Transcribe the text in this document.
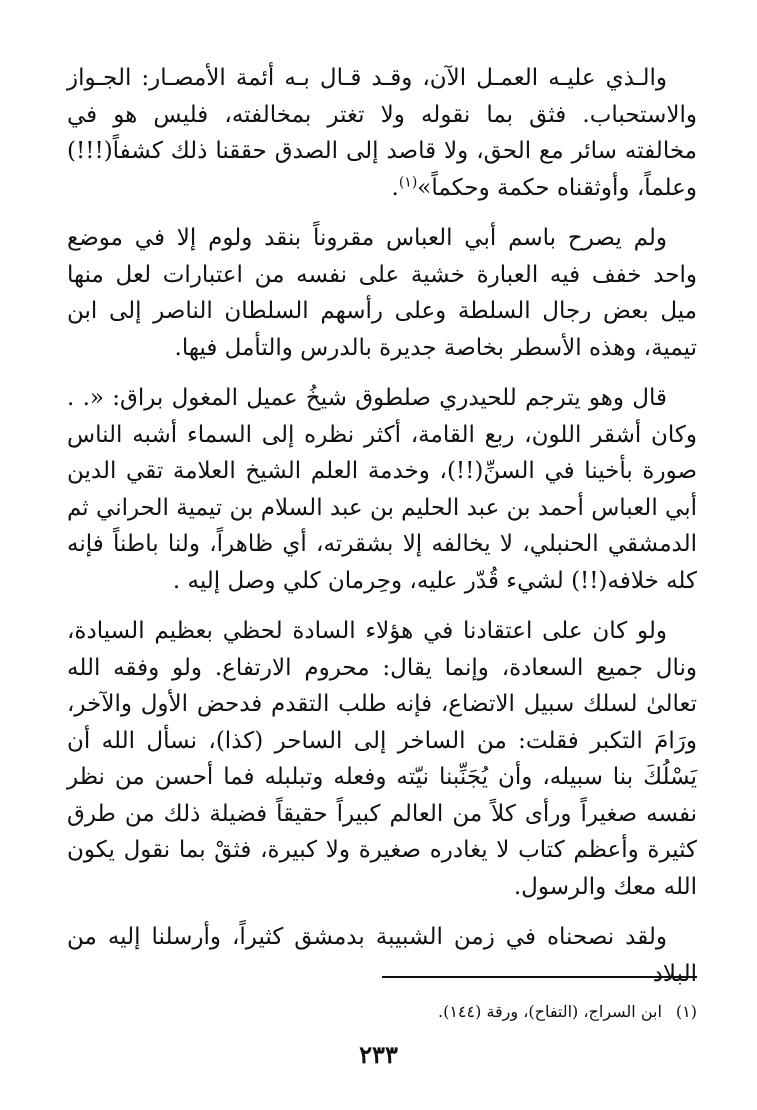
والـذي عليـه العمـل الآن، وقـد قـال بـه أئمة الأمصـار: الجـواز والاستحباب. فثق بما نقوله ولا تغتر بمخالفته، فليس هو في مخالفته سائر مع الحق، ولا قاصد إلى الصدق حققنا ذلك كشفاً(!!!) وعلماً، وأوثقناه حكمة وحكماً»$^{(١)}$.

ولم يصرح باسم أبي العباس مقروناً بنقد ولوم إلا في موضع واحد خفف فيه العبارة خشية على نفسه من اعتبارات لعل منها ميل بعض رجال السلطة وعلى رأسهم السلطان الناصر إلى ابن تيمية، وهذه الأسطر بخاصة جديرة بالدرس والتأمل فيها.

قال وهو يترجم للحيدري صلطوق شيخُ عميل المغول براق: «. . وكان أشقر اللون، ربع القامة، أكثر نظره إلى السماء أشبه الناس صورة بأخينا في السنِّ(!!)، وخدمة العلم الشيخ العلامة تقي الدين أبي العباس أحمد بن عبد الحليم بن عبد السلام بن تيمية الحراني ثم الدمشقي الحنبلي، لا يخالفه إلا بشقرته، أي ظاهراً، ولنا باطناً فإنه كله خلافه(!!) لشيء قُدّر عليه، وحِرمان كلي وصل إليه .

ولو كان على اعتقادنا في هؤلاء السادة لحظي بعظيم السيادة، ونال جميع السعادة، وإنما يقال: محروم الارتفاع. ولو وفقه الله تعالىٰ لسلك سبيل الاتضاع، فإنه طلب التقدم فدحض الأول والآخر، ورَامَ التكبر فقلت: من الساخر إلى الساحر (كذا)، نسأل الله أن يَسْلُكَ بنا سبيله، وأن يُجَنِّبنا نيّته وفعله وتبلبله فما أحسن من نظر نفسه صغيراً ورأى كلاً من العالم كبيراً حقيقاً فضيلة ذلك من طرق كثيرة وأعظم كتاب لا يغادره صغيرة ولا كبيرة، فثقْ بما نقول يكون الله معك والرسول.

ولقد نصحناه في زمن الشبيبة بدمشق كثيراً، وأرسلنا إليه من البلاد

(١)ابن السراج، (التفاح)، ورقة (١٤٤).

٢٣٣
